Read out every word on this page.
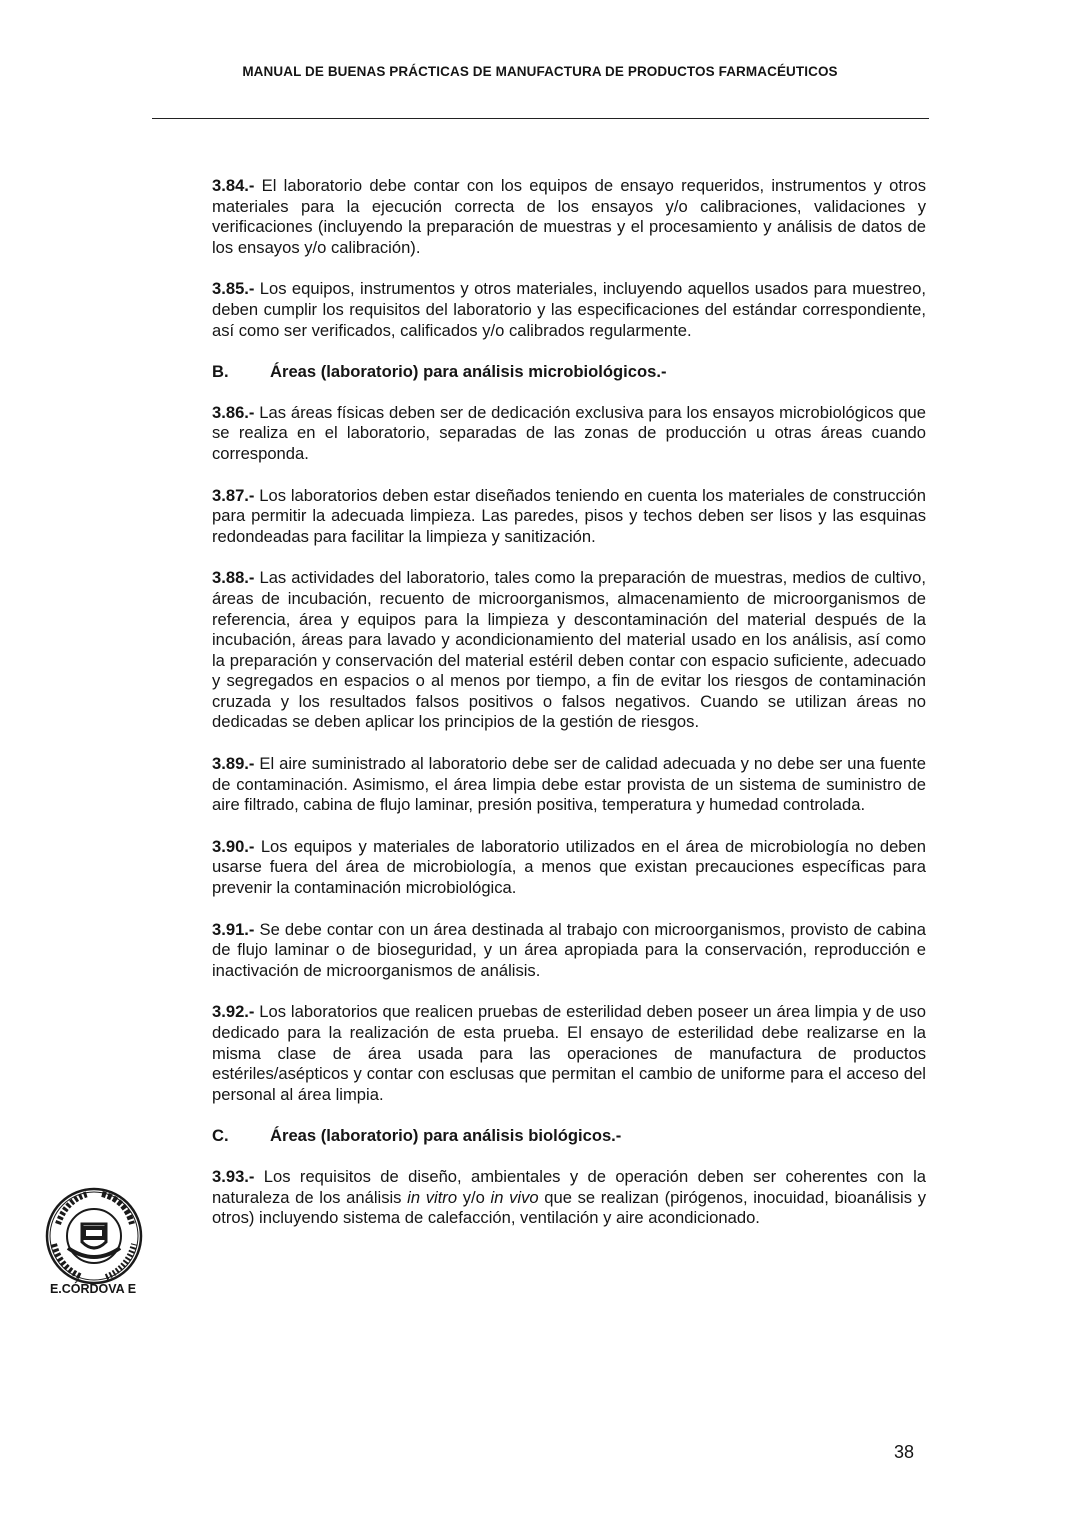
MANUAL DE BUENAS PRÁCTICAS DE MANUFACTURA DE PRODUCTOS FARMACÉUTICOS

3.84.- El laboratorio debe contar con los equipos de ensayo requeridos, instrumentos y otros materiales para la ejecución correcta de los ensayos y/o calibraciones, validaciones y verificaciones (incluyendo la preparación de muestras y el procesamiento y análisis de datos de los ensayos y/o calibración).

3.85.- Los equipos, instrumentos y otros materiales, incluyendo aquellos usados para muestreo, deben cumplir los requisitos del laboratorio y las especificaciones del estándar correspondiente, así como ser verificados, calificados y/o calibrados regularmente.

B.	Áreas (laboratorio) para análisis microbiológicos.-

3.86.- Las áreas físicas deben ser de dedicación exclusiva para los ensayos microbiológicos que se realiza en el laboratorio, separadas de las zonas de producción u otras áreas cuando corresponda.

3.87.- Los laboratorios deben estar diseñados teniendo en cuenta los materiales de construcción para permitir la adecuada limpieza. Las paredes, pisos y techos deben ser lisos y las esquinas redondeadas para facilitar la limpieza y sanitización.

3.88.- Las actividades del laboratorio, tales como la preparación de muestras, medios de cultivo, áreas de incubación, recuento de microorganismos, almacenamiento de microorganismos de referencia, área y equipos para la limpieza y descontaminación del material después de la incubación, áreas para lavado y acondicionamiento del material usado en los análisis, así como la preparación y conservación del material estéril deben contar con espacio suficiente, adecuado y segregados en espacios o al menos por tiempo, a fin de evitar los riesgos de contaminación cruzada y los resultados falsos positivos o falsos negativos. Cuando se utilizan áreas no dedicadas se deben aplicar los principios de la gestión de riesgos.

3.89.- El aire suministrado al laboratorio debe ser de calidad adecuada y no debe ser una fuente de contaminación. Asimismo, el área limpia debe estar provista de un sistema de suministro de aire filtrado, cabina de flujo laminar, presión positiva, temperatura y humedad controlada.

3.90.- Los equipos y materiales de laboratorio utilizados en el área de microbiología no deben usarse fuera del área de microbiología, a menos que existan precauciones específicas para prevenir la contaminación microbiológica.

3.91.- Se debe contar con un área destinada al trabajo con microorganismos, provisto de cabina de flujo laminar o de bioseguridad, y un área apropiada para la conservación, reproducción e inactivación de microorganismos de análisis.

3.92.- Los laboratorios que realicen pruebas de esterilidad deben poseer un área limpia y de uso dedicado para la realización de esta prueba. El ensayo de esterilidad debe realizarse en la misma clase de área usada para las operaciones de manufactura de productos estériles/asépticos y contar con esclusas que permitan el cambio de uniforme para el acceso del personal al área limpia.

C.	Áreas (laboratorio) para análisis biológicos.-

3.93.- Los requisitos de diseño, ambientales y de operación deben ser coherentes con la naturaleza de los análisis in vitro y/o in vivo que se realizan (pirógenos, inocuidad, bioanálisis y otros) incluyendo sistema de calefacción, ventilación y aire acondicionado.

E.CÓRDOVA E
38
